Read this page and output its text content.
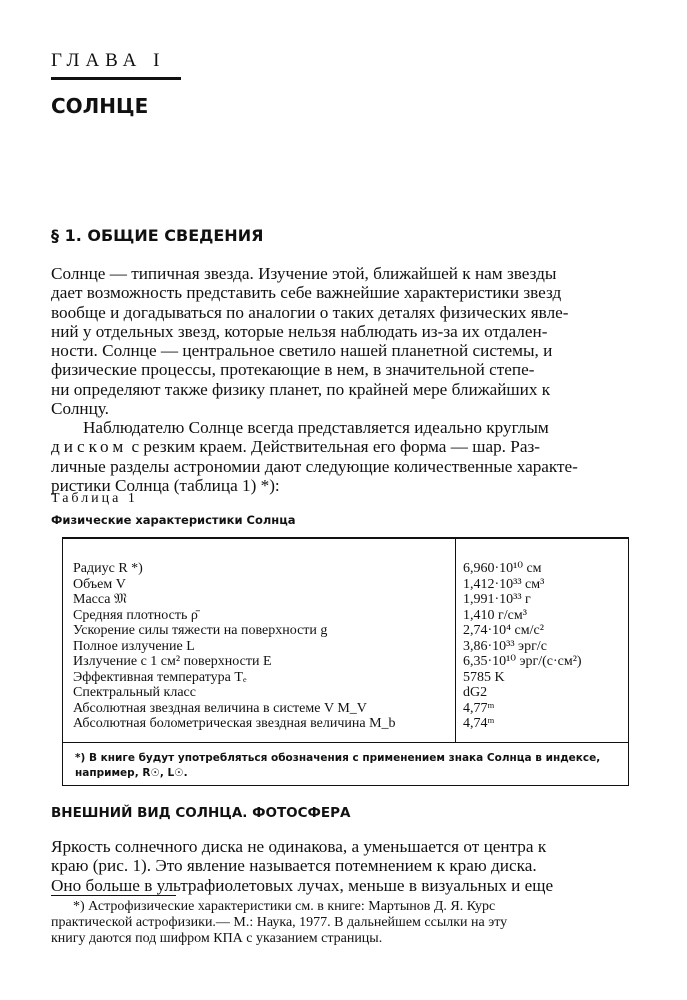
ГЛАВА I
СОЛНЦЕ
§ 1. ОБЩИЕ СВЕДЕНИЯ
Солнце — типичная звезда. Изучение этой, ближайшей к нам звезды
дает возможность представить себе важнейшие характеристики звезд
вообще и догадываться по аналогии о таких деталях физических явле-
ний у отдельных звезд, которые нельзя наблюдать из-за их отдален-
ности. Солнце — центральное светило нашей планетной системы, и
физические процессы, протекающие в нем, в значительной степе-
ни определяют также физику планет, по крайней мере ближайших к
Солнцу.
Наблюдателю Солнце всегда представляется идеально круглым
диском с резким краем. Действительная его форма — шар. Раз-
личные разделы астрономии дают следующие количественные характе-
ристики Солнца (таблица 1) *):
Таблица 1
Физические характеристики Солнца
Радиус R *)
Объем V
Масса 𝔐
Средняя плотность ρ̄
Ускорение силы тяжести на поверхности g
Полное излучение L
Излучение с 1 см² поверхности E
Эффективная температура Tₑ
Спектральный класс
Абсолютная звездная величина в системе V M_V
Абсолютная болометрическая звездная величина M_b
6,960·10¹⁰ см
1,412·10³³ см³
1,991·10³³ г
1,410 г/см³
2,74·10⁴ см/с²
3,86·10³³ эрг/с
6,35·10¹⁰ эрг/(с·см²)
5785 K
dG2
4,77ᵐ
4,74ᵐ
*) В книге будут употребляться обозначения с применением знака Солнца в индексе,
например, R☉, L☉.
ВНЕШНИЙ ВИД СОЛНЦА. ФОТОСФЕРА
Яркость солнечного диска не одинакова, а уменьшается от центра к
краю (рис. 1). Это явление называется потемнением к краю диска.
Оно больше в ультрафиолетовых лучах, меньше в визуальных и еще
*) Астрофизические характеристики см. в книге: Мартынов Д. Я. Курс
практической астрофизики.— М.: Наука, 1977. В дальнейшем ссылки на эту
книгу даются под шифром КПА с указанием страницы.
